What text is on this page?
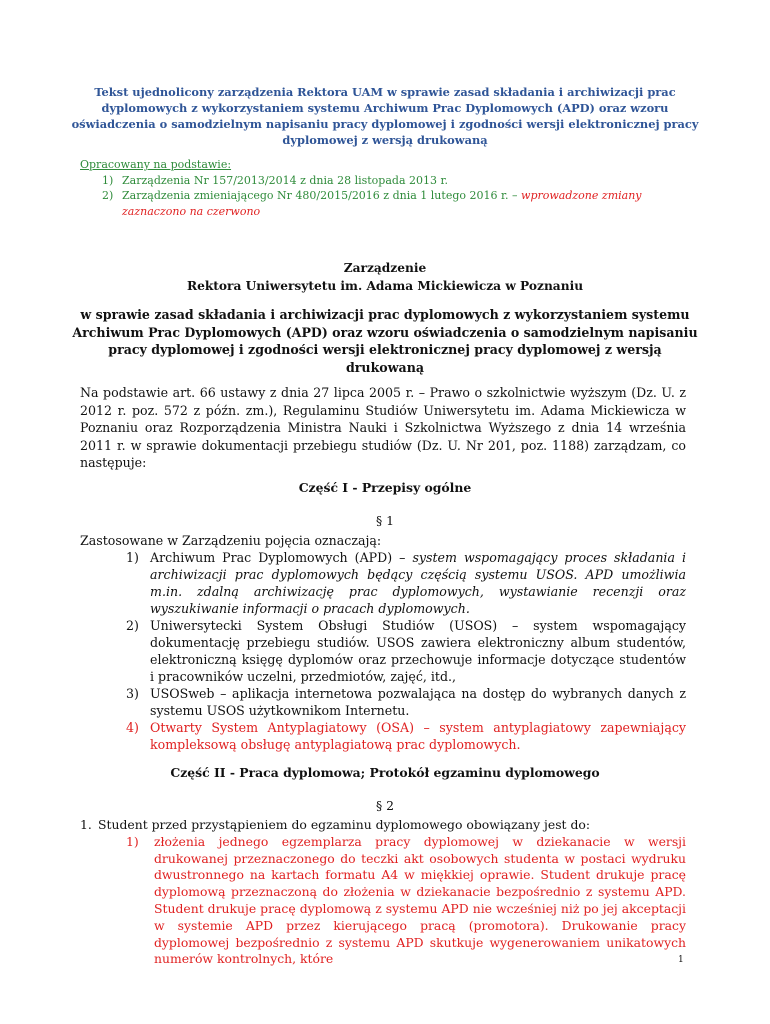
Tekst ujednolicony zarządzenia Rektora UAM w sprawie zasad składania i archiwizacji prac dyplomowych z wykorzystaniem systemu Archiwum Prac Dyplomowych (APD) oraz wzoru oświadczenia o samodzielnym napisaniu pracy dyplomowej i zgodności wersji elektronicznej pracy dyplomowej z wersją drukowaną
Opracowany na podstawie:
1) Zarządzenia Nr 157/2013/2014 z dnia 28 listopada 2013 r.
2) Zarządzenia zmieniającego Nr 480/2015/2016 z dnia 1 lutego 2016 r. – wprowadzone zmiany zaznaczono na czerwono
Zarządzenie
Rektora Uniwersytetu im. Adama Mickiewicza w Poznaniu
w sprawie zasad składania i archiwizacji prac dyplomowych z wykorzystaniem systemu Archiwum Prac Dyplomowych (APD) oraz wzoru oświadczenia o samodzielnym napisaniu pracy dyplomowej i zgodności wersji elektronicznej pracy dyplomowej z wersją drukowaną
Na podstawie art. 66 ustawy z dnia 27 lipca 2005 r. – Prawo o szkolnictwie wyższym (Dz. U. z 2012 r. poz. 572 z późn. zm.), Regulaminu Studiów Uniwersytetu im. Adama Mickiewicza w Poznaniu oraz Rozporządzenia Ministra Nauki i Szkolnictwa Wyższego z dnia 14 września 2011 r. w sprawie dokumentacji przebiegu studiów (Dz. U. Nr 201, poz. 1188) zarządzam, co następuje:
Część I - Przepisy ogólne
§ 1
Zastosowane w Zarządzeniu pojęcia oznaczają:
1) Archiwum Prac Dyplomowych (APD) – system wspomagający proces składania i archiwizacji prac dyplomowych będący częścią systemu USOS. APD umożliwia m.in. zdalną archiwizację prac dyplomowych, wystawianie recenzji oraz wyszukiwanie informacji o pracach dyplomowych.
2) Uniwersytecki System Obsługi Studiów (USOS) – system wspomagający dokumentację przebiegu studiów. USOS zawiera elektroniczny album studentów, elektroniczną księgę dyplomów oraz przechowuje informacje dotyczące studentów i pracowników uczelni, przedmiotów, zajęć, itd.,
3) USOSweb – aplikacja internetowa pozwalająca na dostęp do wybranych danych z systemu USOS użytkownikom Internetu.
4) Otwarty System Antyplagiatowy (OSA) – system antyplagiatowy zapewniający kompleksową obsługę antyplagiatową prac dyplomowych.
Część II - Praca dyplomowa; Protokół egzaminu dyplomowego
§ 2
1. Student przed przystąpieniem do egzaminu dyplomowego obowiązany jest do:
1) złożenia jednego egzemplarza pracy dyplomowej w dziekanacie w wersji drukowanej przeznaczonego do teczki akt osobowych studenta w postaci wydruku dwustronnego na kartach formatu A4 w miękkiej oprawie. Student drukuje pracę dyplomową przeznaczoną do złożenia w dziekanacie bezpośrednio z systemu APD. Student drukuje pracę dyplomową z systemu APD nie wcześniej niż po jej akceptacji w systemie APD przez kierującego pracą (promotora). Drukowanie pracy dyplomowej bezpośrednio z systemu APD skutkuje wygenerowaniem unikatowych numerów kontrolnych, które	1
